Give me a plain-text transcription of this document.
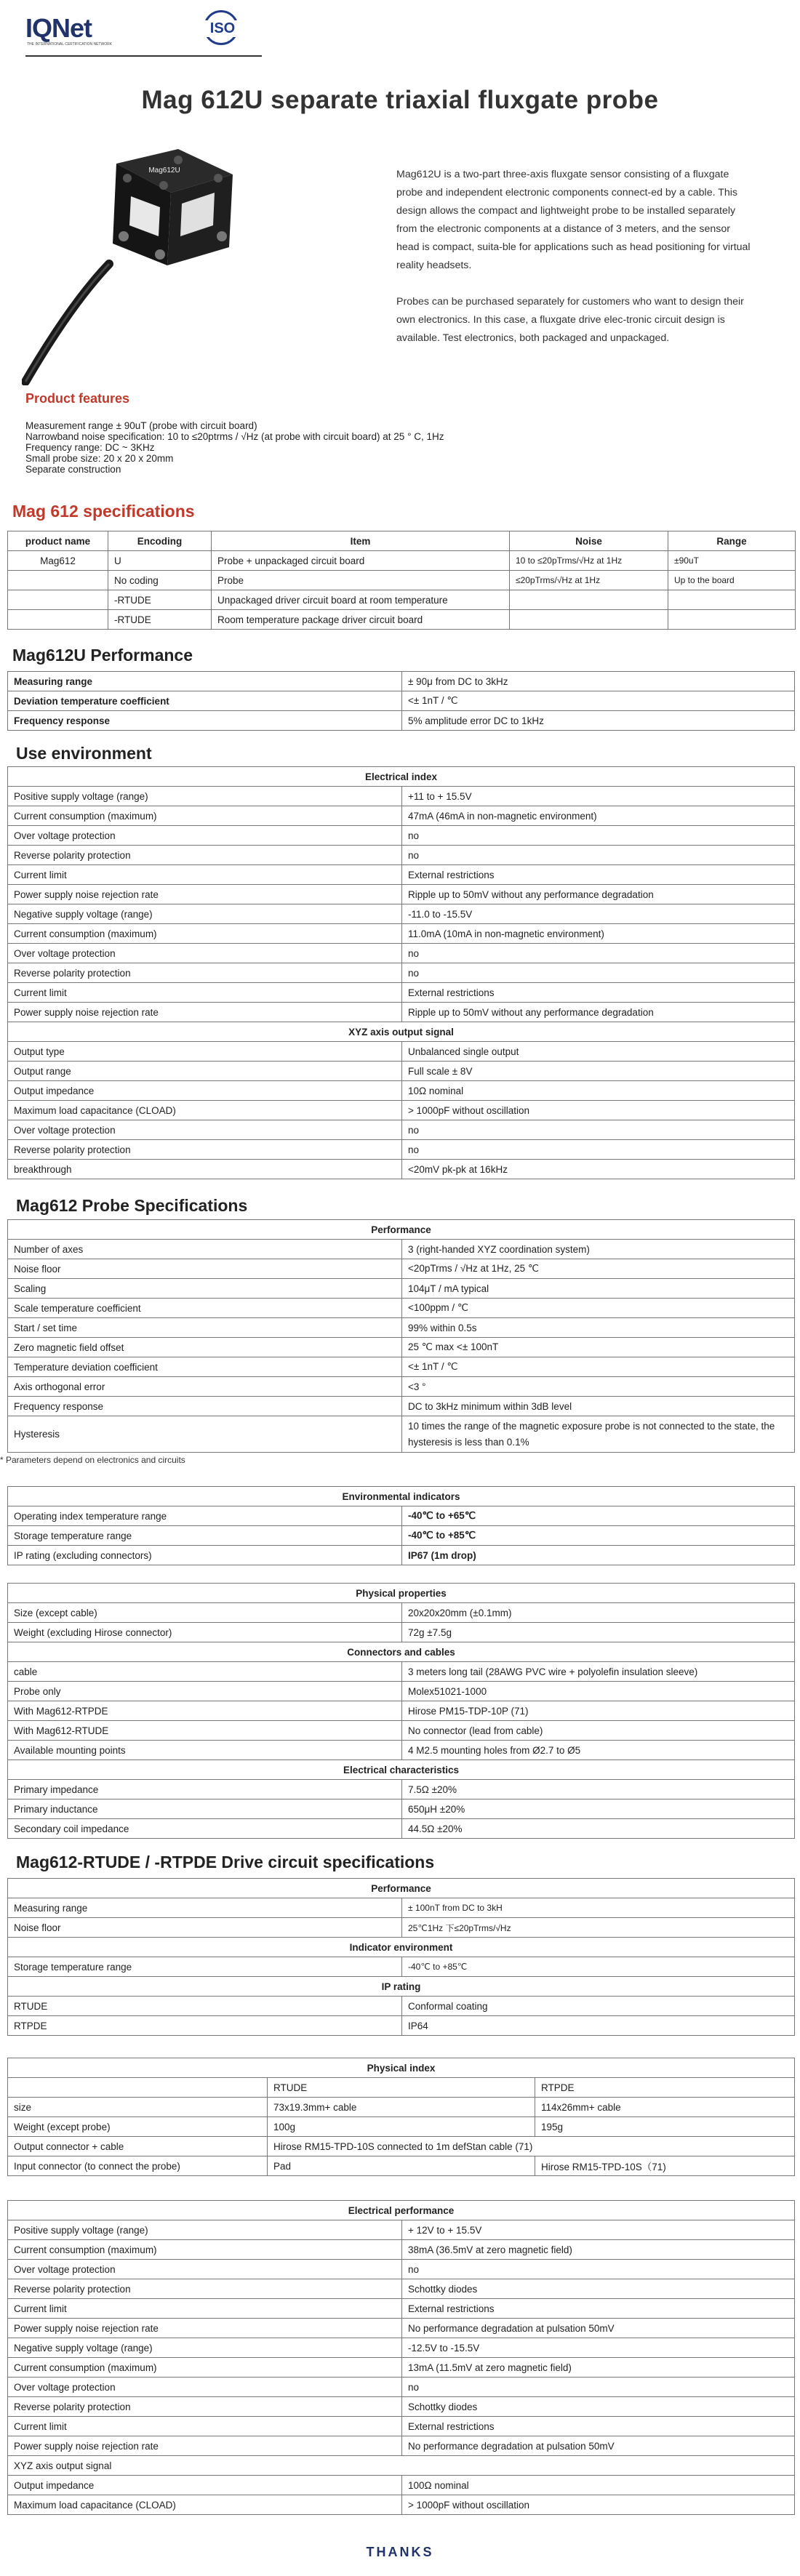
IQNet
THE INTERNATIONAL CERTIFICATION NETWORK
ISO
Mag 612U separate triaxial fluxgate probe
Mag612U	Mag612U is a two-part three-axis fluxgate sensor consisting of a fluxgate probe and independent electronic components connect-ed by a cable. This design allows the compact and lightweight probe to be installed separately from the electronic components at a distance of 3 meters, and the sensor head is compact, suita-ble for applications such as head positioning for virtual reality headsets.

Probes can be purchased separately for customers who want to design their own electronics. In this case, a fluxgate drive elec-tronic circuit design is available. Test electronics, both packaged and unpackaged.

Product features
Measurement range ± 90uT (probe with circuit board)
Narrowband noise specification: 10 to ≤20ptrms / √Hz (at probe with circuit board) at 25 ° C, 1Hz
Frequency range: DC ~ 3KHz
Small probe size: 20 x 20 x 20mm
Separate construction
Mag 612 specifications
product name	Encoding	Item	Noise	Range
Mag612	U	Probe + unpackaged circuit board	10 to ≤20pTrms/√Hz at 1Hz	±90uT
	No coding	Probe	≤20pTrms/√Hz at 1Hz	Up to the board
	-RTUDE	Unpackaged driver circuit board at room temperature		
	-RTUDE	Room temperature package driver circuit board		
Mag612U Performance
Measuring range	± 90μ from DC to 3kHz
Deviation temperature coefficient	<± 1nT / ℃
Frequency response	5% amplitude error DC to 1kHz
Use environment
Electrical index	
Positive supply voltage (range)	+11 to + 15.5V
Current consumption (maximum)	47mA (46mA in non-magnetic environment)
Over voltage protection	no
Reverse polarity protection	no
Current limit	External restrictions
Power supply noise rejection rate	Ripple up to 50mV without any performance degradation
Negative supply voltage (range)	-11.0 to -15.5V
Current consumption (maximum)	11.0mA (10mA in non-magnetic environment)
Over voltage protection	no
Reverse polarity protection	no
Current limit	External restrictions
Power supply noise rejection rate	Ripple up to 50mV without any performance degradation
XYZ axis output signal	
Output type	Unbalanced single output
Output range	Full scale ± 8V
Output impedance	10Ω nominal
Maximum load capacitance (CLOAD)	> 1000pF without oscillation
Over voltage protection	no
Reverse polarity protection	no
breakthrough	<20mV pk-pk at 16kHz
Mag612 Probe Specifications
Performance	
Number of axes	3 (right-handed XYZ coordination system)
Noise floor	<20pTrms / √Hz at 1Hz, 25 ℃
Scaling	104μT / mA typical
Scale temperature coefficient	<100ppm / ℃
Start / set time	99% within 0.5s
Zero magnetic field offset	25 ℃ max <± 100nT
Temperature deviation coefficient	<± 1nT / ℃
Axis orthogonal error	<3 °
Frequency response	DC to 3kHz minimum within 3dB level
Hysteresis	10 times the range of the magnetic exposure probe is not connected to the state, the hysteresis is less than 0.1%
* Parameters depend on electronics and circuits
Environmental indicators	
Operating index temperature range	-40℃ to +65℃
Storage temperature range	-40℃ to +85℃
IP rating (excluding connectors)	IP67 (1m drop)
Physical properties	
Size (except cable)	20x20x20mm (±0.1mm)
Weight (excluding Hirose connector)	72g ±7.5g
Connectors and cables	
cable	3 meters long tail (28AWG PVC wire + polyolefin insulation sleeve)
Probe only	Molex51021-1000
With Mag612-RTPDE	Hirose PM15-TDP-10P (71)
With Mag612-RTUDE	No connector (lead from cable)
Available mounting points	4 M2.5 mounting holes from Ø2.7 to Ø5
Electrical characteristics	
Primary impedance	7.5Ω ±20%
Primary inductance	650μH ±20%
Secondary coil impedance	44.5Ω ±20%
Mag612-RTUDE / -RTPDE Drive circuit specifications
Performance	
Measuring range	± 100nT from DC to 3kH
Noise floor	25℃1Hz 下≤20pTrms/√Hz
Indicator environment	
Storage temperature range	-40℃ to +85℃
IP rating	
RTUDE	Conformal coating
RTPDE	IP64
Physical index		
	RTUDE	RTPDE
size	73x19.3mm+ cable	114x26mm+ cable
Weight (except probe)	100g	195g
Output connector + cable	Hirose RM15-TPD-10S connected to 1m defStan cable (71)	
Input connector (to connect the probe)	Pad	Hirose RM15-TPD-10S（71)
Electrical performance	
Positive supply voltage (range)	+ 12V to + 15.5V
Current consumption (maximum)	38mA (36.5mV at zero magnetic field)
Over voltage protection	no
Reverse polarity protection	Schottky diodes
Current limit	External restrictions
Power supply noise rejection rate	No performance degradation at pulsation 50mV
Negative supply voltage (range)	-12.5V to -15.5V
Current consumption (maximum)	13mA (11.5mV at zero magnetic field)
Over voltage protection	no
Reverse polarity protection	Schottky diodes
Current limit	External restrictions
Power supply noise rejection rate	No performance degradation at pulsation 50mV
XYZ axis output signal	
Output impedance	100Ω nominal
Maximum load capacitance (CLOAD)	> 1000pF without oscillation
THANKS
